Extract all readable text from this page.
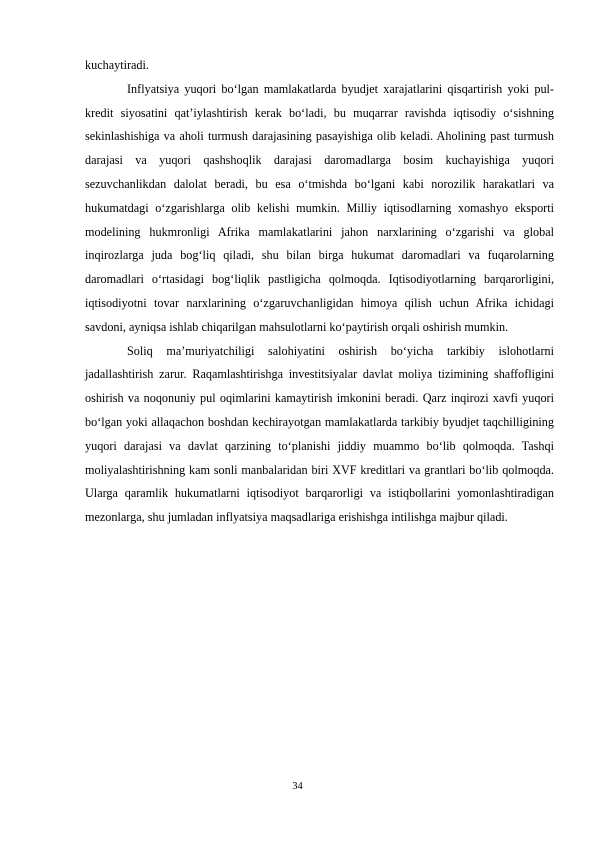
kuchaytiradi.

Inflyatsiya yuqori bo‘lgan mamlakatlarda byudjet xarajatlarini qisqartirish yoki pul-kredit siyosatini qat’iylashtirish kerak bo‘ladi, bu muqarrar ravishda iqtisodiy o‘sishning sekinlashishiga va aholi turmush darajasining pasayishiga olib keladi. Aholining past turmush darajasi va yuqori qashshoqlik darajasi daromadlarga bosim kuchayishiga yuqori sezuvchanlikdan dalolat beradi, bu esa o‘tmishda bo‘lgani kabi norozilik harakatlari va hukumatdagi o‘zgarishlarga olib kelishi mumkin. Milliy iqtisodlarning xomashyo eksporti modelining hukmronligi Afrika mamlakatlarini jahon narxlarining o‘zgarishi va global inqirozlarga juda bog‘liq qiladi, shu bilan birga hukumat daromadlari va fuqarolarning daromadlari o‘rtasidagi bog‘liqlik pastligicha qolmoqda. Iqtisodiyotlarning barqarorligini, iqtisodiyotni tovar narxlarining o‘zgaruvchanligidan himoya qilish uchun Afrika ichidagi savdoni, ayniqsa ishlab chiqarilgan mahsulotlarni ko‘paytirish orqali oshirish mumkin.

Soliq ma’muriyatchiligi salohiyatini oshirish bo‘yicha tarkibiy islohotlarni jadallashtirish zarur. Raqamlashtirishga investitsiyalar davlat moliya tizimining shaffofligini oshirish va noqonuniy pul oqimlarini kamaytirish imkonini beradi. Qarz inqirozi xavfi yuqori bo‘lgan yoki allaqachon boshdan kechirayotgan mamlakatlarda tarkibiy byudjet taqchilligining yuqori darajasi va davlat qarzining to‘planishi jiddiy muammo bo‘lib qolmoqda. Tashqi moliyalashtirishning kam sonli manbalaridan biri XVF kreditlari va grantlari bo‘lib qolmoqda. Ularga qaramlik hukumatlarni iqtisodiyot barqarorligi va istiqbollarini yomonlashtiradigan mezonlarga, shu jumladan inflyatsiya maqsadlariga erishishga intilishga majbur qiladi.

34
